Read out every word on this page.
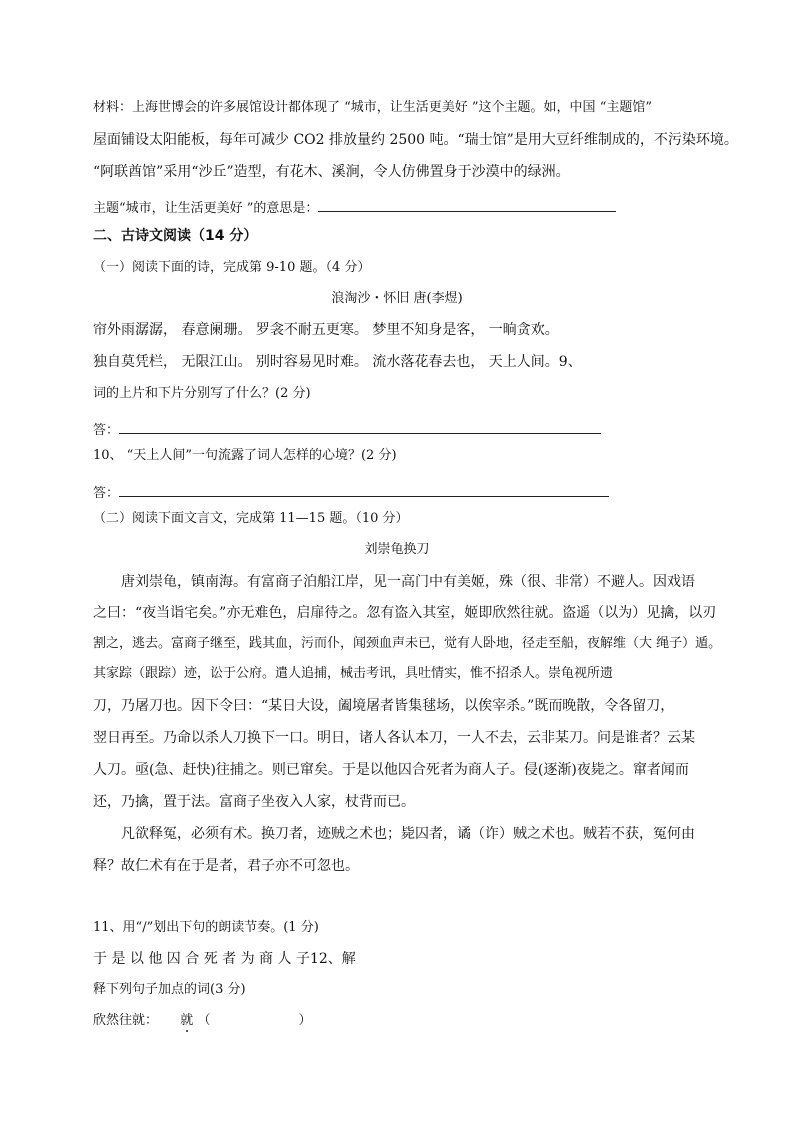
材料：上海世博会的许多展馆设计都体现了 “城市，让生活更美好 ”这个主题。如，中国 “主题馆”
屋面铺设太阳能板，每年可减少 CO2 排放量约 2500 吨。“瑞士馆”是用大豆纤维制成的，不污染环境。
“阿联酋馆”采用“沙丘”造型，有花木、溪涧，令人仿佛置身于沙漠中的绿洲。
主题“城市，让生活更美好 ”的意思是：
二、古诗文阅读（14 分）
（一）阅读下面的诗，完成第 9-10 题。（4 分）
浪淘沙・怀旧 唐(李煜)
帘外雨潺潺， 春意阑珊。 罗衾不耐五更寒。 梦里不知身是客， 一晌贪欢。
独自莫凭栏， 无限江山。 别时容易见时难。 流水落花春去也， 天上人间。9、
词的上片和下片分别写了什么？(2 分)
答：
10、 “天上人间”一句流露了词人怎样的心境？(2 分)
答：
（二）阅读下面文言文，完成第 11—15 题。（10 分）
刘崇龟换刀
唐刘崇龟，镇南海。有富商子泊船江岸，见一高门中有美姬，殊（很、非常）不避人。因戏语
之曰：“夜当诣宅矣。”亦无难色，启扉待之。忽有盗入其室，姬即欣然往就。盗遥（以为）见擒，以刃
割之，逃去。富商子继至，践其血，污而仆，闻颈血声未已，觉有人卧地，径走至船，夜解维（大 绳子）遁。
其家踪（跟踪）迹，讼于公府。遣人追捕，械击考讯，具吐情实，惟不招杀人。崇龟视所遗
刀，乃屠刀也。因下令曰：“某日大设，阖境屠者皆集毬场，以俟宰杀。”既而晚散，令各留刀，
翌日再至。乃命以杀人刀换下一口。明日，诸人各认本刀，一人不去，云非某刀。问是谁者？云某
人刀。亟(急、赶快)往捕之。则已窜矣。于是以他囚合死者为商人子。侵(逐渐)夜毙之。窜者闻而
还，乃擒，置于法。富商子坐夜入人家，杖背而已。
凡欲释冤，必须有术。换刀者，迹贼之术也；毙囚者，谲（诈）贼之术也。贼若不获，冤何由
释？故仁术有在于是者，君子亦不可忽也。
11、用“/”划出下句的朗读节奏。(1 分)
于 是 以 他 囚 合 死 者 为 商 人 子12、解
释下列句子加点的词(3 分)
欣然往就： 就 （	）
